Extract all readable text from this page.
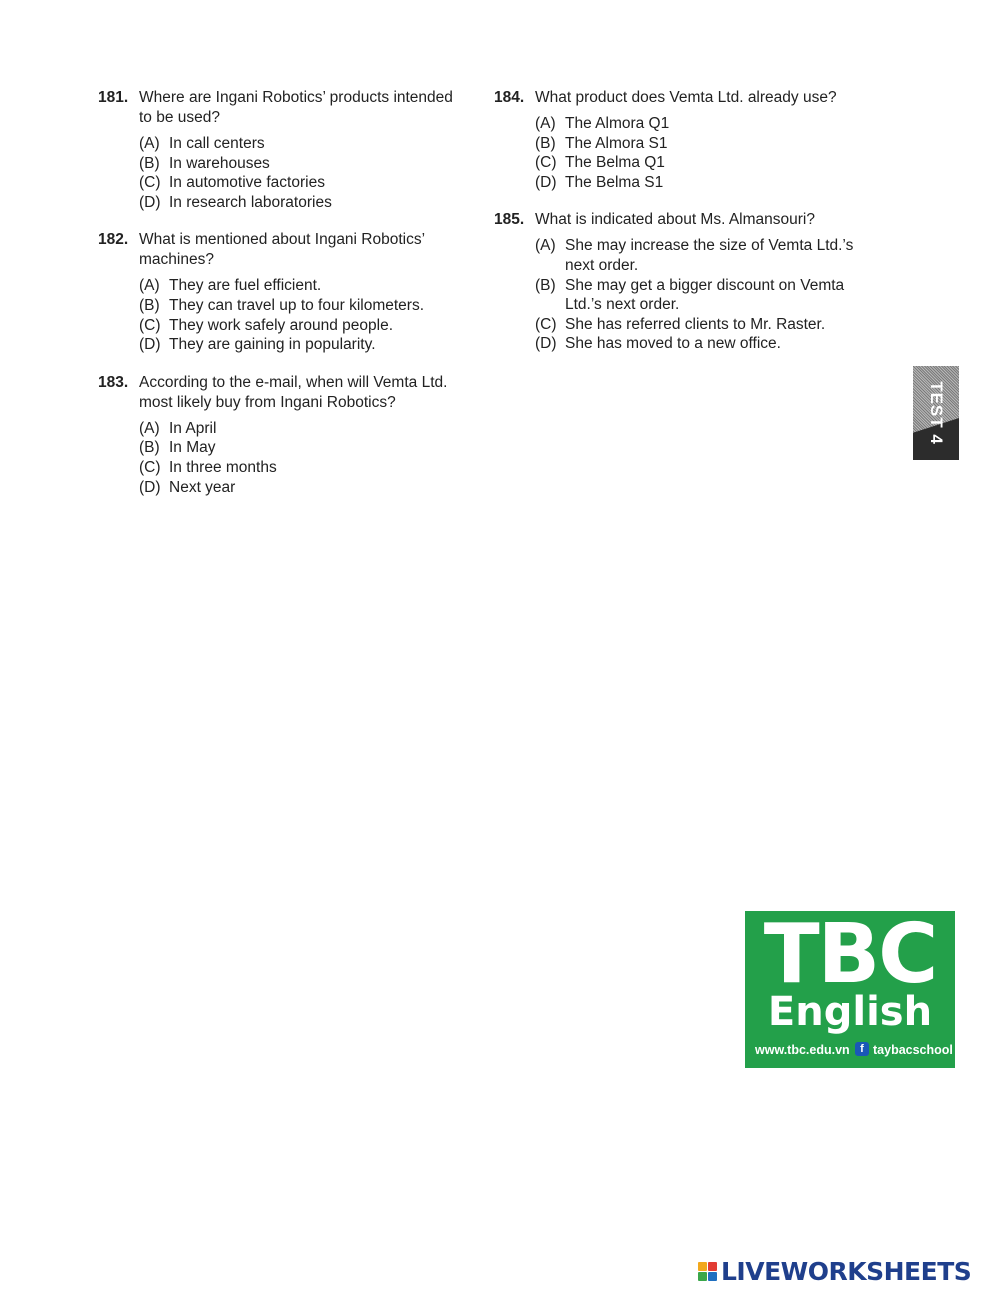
181. Where are Ingani Robotics’ products intended to be used?
(A) In call centers
(B) In warehouses
(C) In automotive factories
(D) In research laboratories
182. What is mentioned about Ingani Robotics’ machines?
(A) They are fuel efficient.
(B) They can travel up to four kilometers.
(C) They work safely around people.
(D) They are gaining in popularity.
183. According to the e-mail, when will Vemta Ltd. most likely buy from Ingani Robotics?
(A) In April
(B) In May
(C) In three months
(D) Next year
184. What product does Vemta Ltd. already use?
(A) The Almora Q1
(B) The Almora S1
(C) The Belma Q1
(D) The Belma S1
185. What is indicated about Ms. Almansouri?
(A) She may increase the size of Vemta Ltd.’s next order.
(B) She may get a bigger discount on Vemta Ltd.’s next order.
(C) She has referred clients to Mr. Raster.
(D) She has moved to a new office.
TEST 4
TBC
English
www.tbc.edu.vn f taybacschool
LIVEWORKSHEETS
